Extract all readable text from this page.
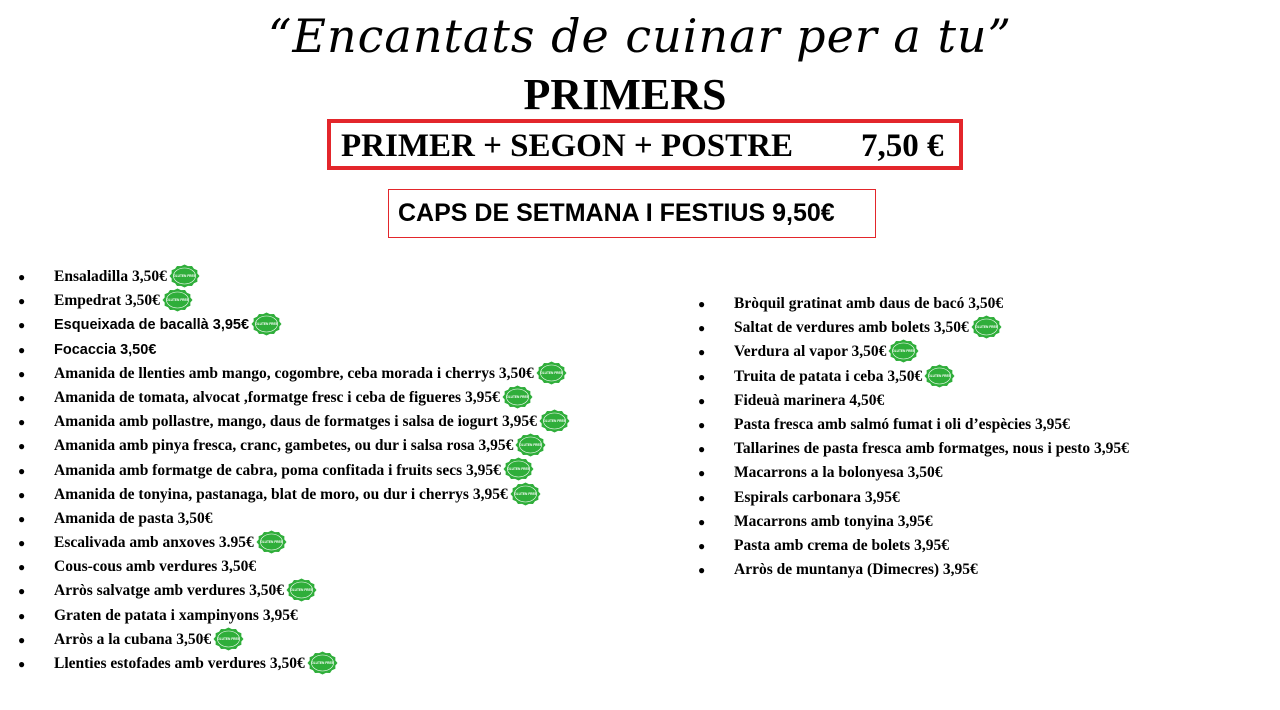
“Encantats de cuinar per a tu”
PRIMERS
PRIMER + SEGON + POSTRE 7,50 €
CAPS DE SETMANA I FESTIUS 9,50€
● Ensaladilla 3,50€ GLUTEN FREE
● Empedrat 3,50€ GLUTEN FREE
● Esqueixada de bacallà 3,95€ GLUTEN FREE
● Focaccia 3,50€
● Amanida de llenties amb mango, cogombre, ceba morada i cherrys 3,50€ GLUTEN FREE
● Amanida de tomata, alvocat ,formatge fresc i ceba de figueres 3,95€ GLUTEN FREE
● Amanida amb pollastre, mango, daus de formatges i salsa de iogurt 3,95€ GLUTEN FREE
● Amanida amb pinya fresca, cranc, gambetes, ou dur i salsa rosa 3,95€ GLUTEN FREE
● Amanida amb formatge de cabra, poma confitada i fruits secs 3,95€ GLUTEN FREE
● Amanida de tonyina, pastanaga, blat de moro, ou dur i cherrys 3,95€ GLUTEN FREE
● Amanida de pasta 3,50€
● Escalivada amb anxoves 3.95€ GLUTEN FREE
● Cous-cous amb verdures 3,50€
● Arròs salvatge amb verdures 3,50€ GLUTEN FREE
● Graten de patata i xampinyons 3,95€
● Arròs a la cubana 3,50€ GLUTEN FREE
● Llenties estofades amb verdures 3,50€ GLUTEN FREE
● Bròquil gratinat amb daus de bacó 3,50€
● Saltat de verdures amb bolets 3,50€ GLUTEN FREE
● Verdura al vapor 3,50€ GLUTEN FREE
● Truita de patata i ceba 3,50€ GLUTEN FREE
● Fideuà marinera 4,50€
● Pasta fresca amb salmó fumat i oli d’espècies 3,95€
● Tallarines de pasta fresca amb formatges, nous i pesto 3,95€
● Macarrons a la bolonyesa 3,50€
● Espirals carbonara 3,95€
● Macarrons amb tonyina 3,95€
● Pasta amb crema de bolets 3,95€
● Arròs de muntanya (Dimecres) 3,95€
